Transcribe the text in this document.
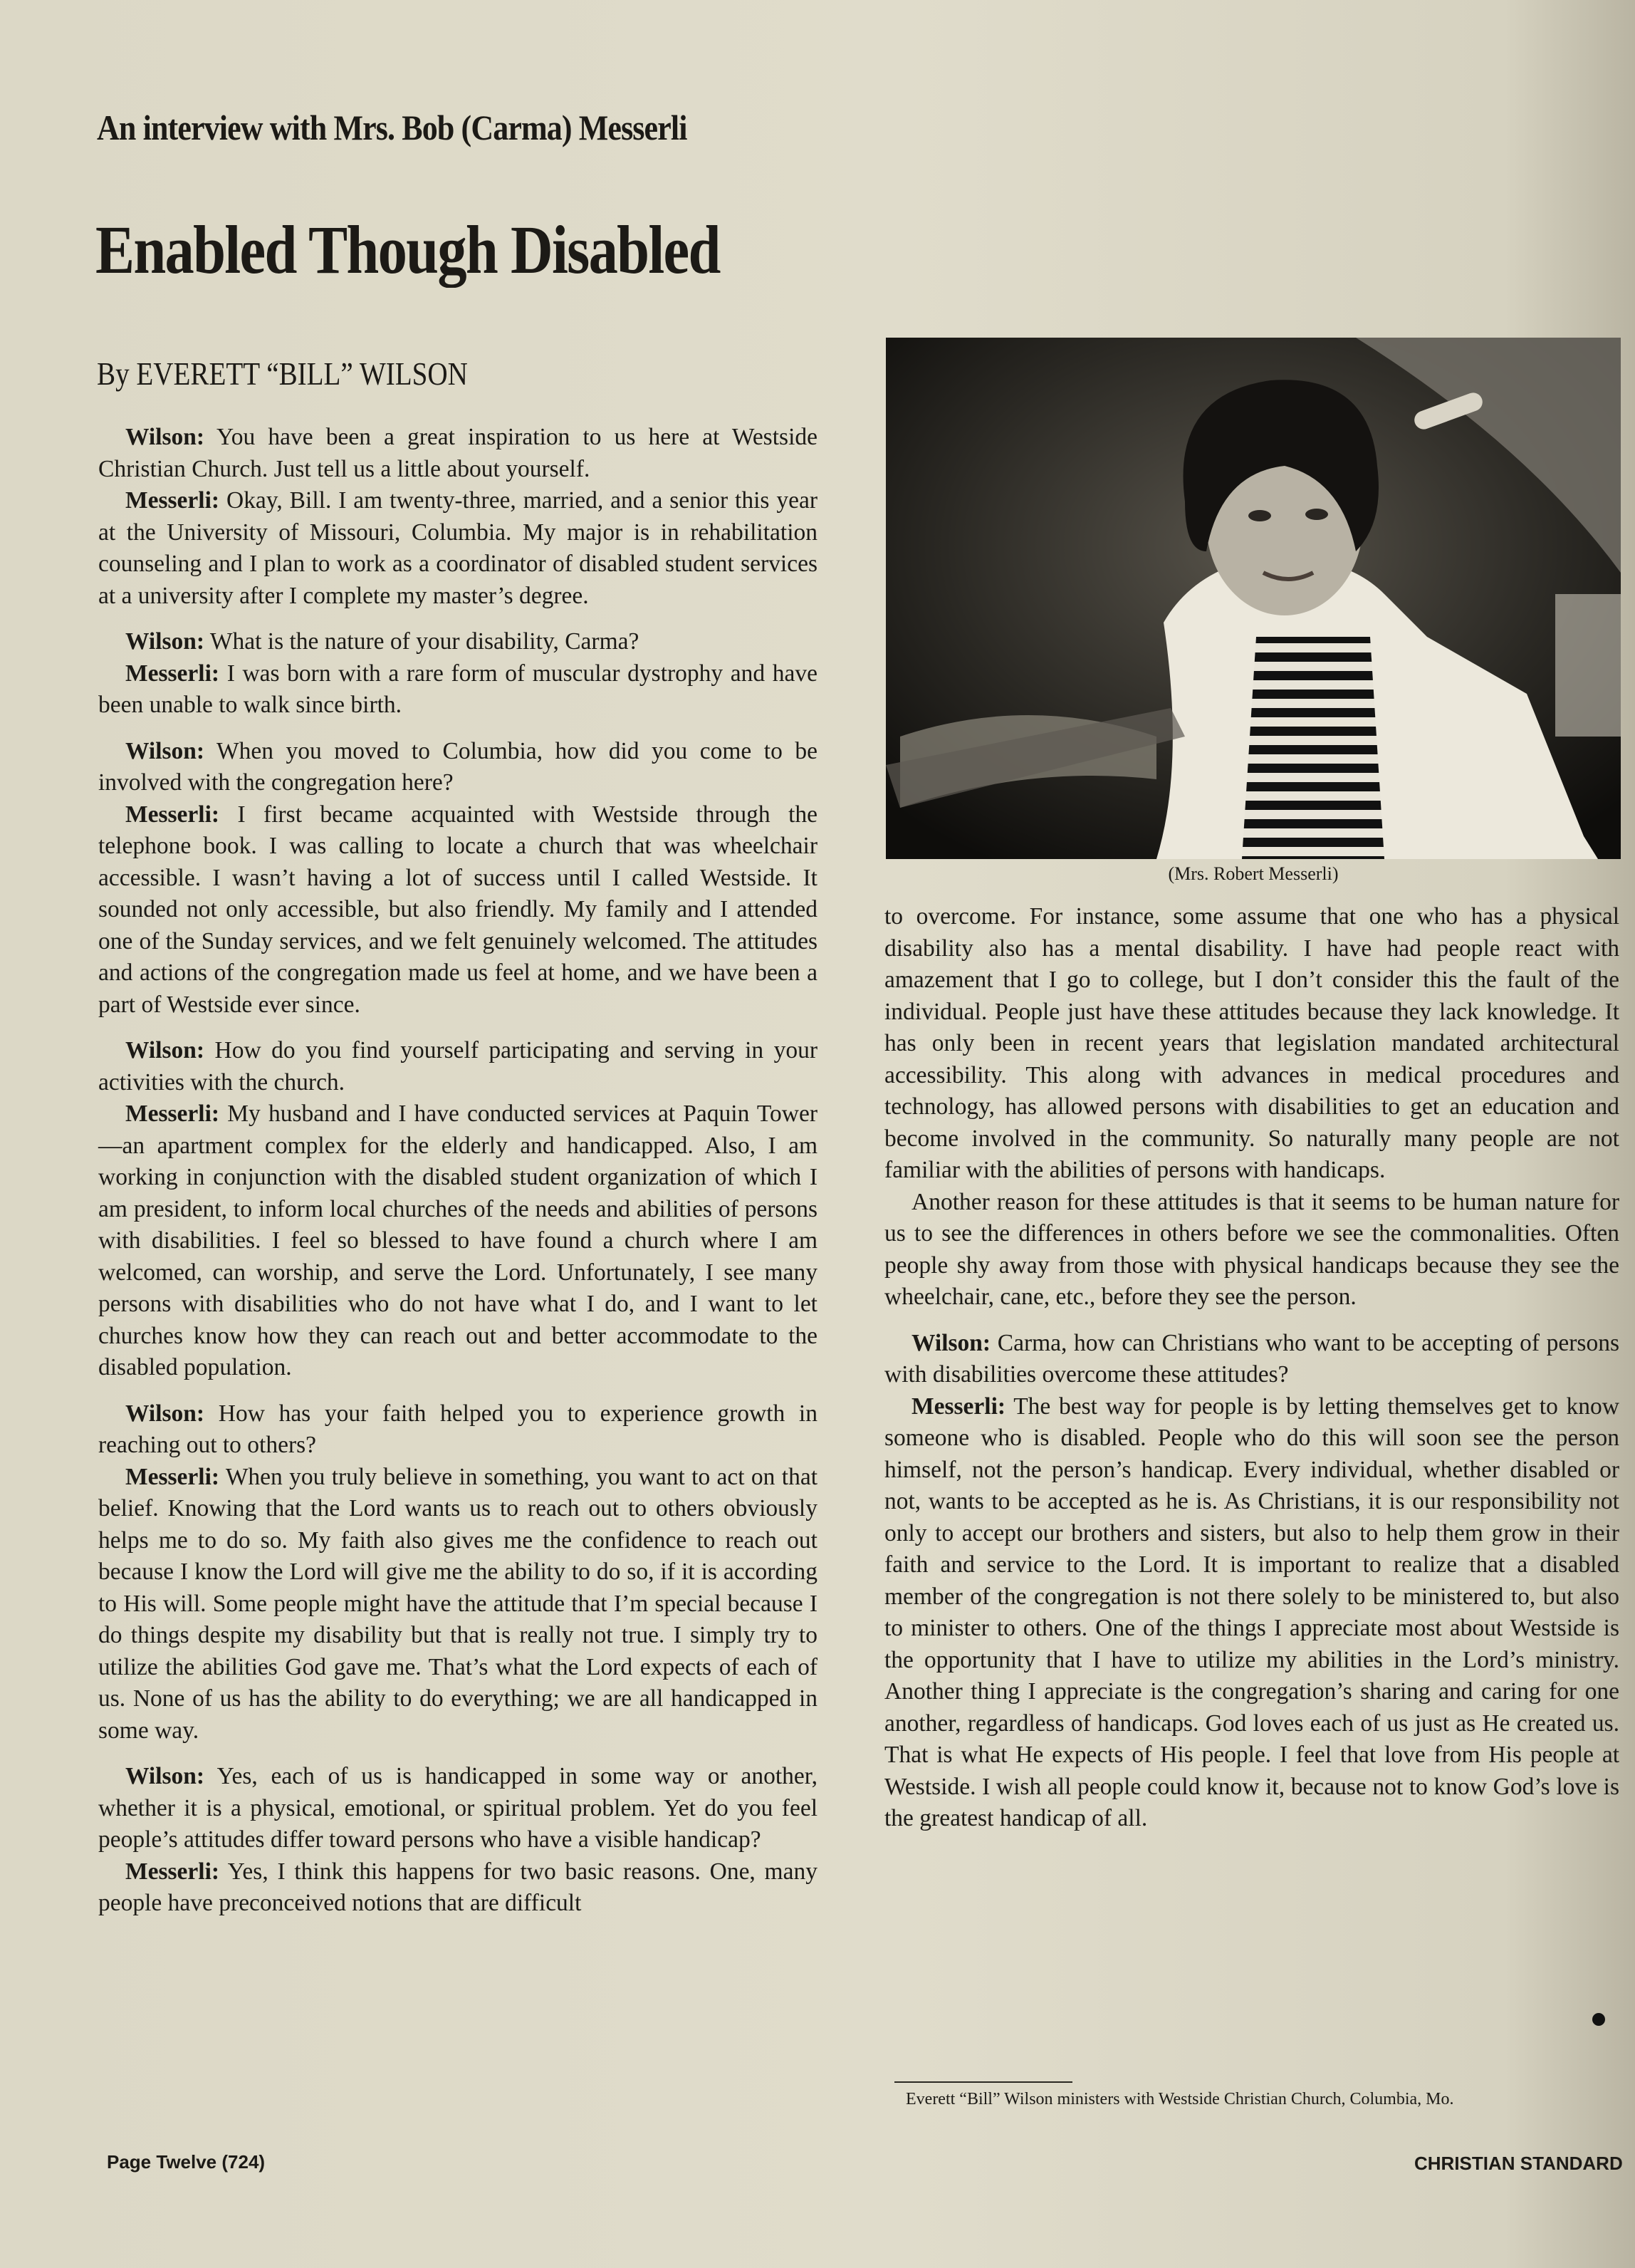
An interview with Mrs. Bob (Carma) Messerli
Enabled Though Disabled
By EVERETT “BILL” WILSON

Wilson: You have been a great inspiration to us here at Westside Christian Church. Just tell us a little about yourself.

Messerli: Okay, Bill. I am twenty-three, married, and a senior this year at the University of Missouri, Columbia. My major is in rehabilitation counseling and I plan to work as a coordinator of disabled student services at a university after I complete my master’s degree.

Wilson: What is the nature of your disability, Carma?

Messerli: I was born with a rare form of muscular dystrophy and have been unable to walk since birth.

Wilson: When you moved to Columbia, how did you come to be involved with the congregation here?

Messerli: I first became acquainted with Westside through the telephone book. I was calling to locate a church that was wheelchair accessible. I wasn’t having a lot of success until I called Westside. It sounded not only accessible, but also friendly. My family and I attended one of the Sunday services, and we felt genuinely welcomed. The attitudes and actions of the congregation made us feel at home, and we have been a part of Westside ever since.

Wilson: How do you find yourself participating and serving in your activities with the church.

Messerli: My husband and I have conducted services at Paquin Tower—an apartment complex for the elderly and handicapped. Also, I am working in conjunction with the disabled student organization of which I am president, to inform local churches of the needs and abilities of persons with disabilities. I feel so blessed to have found a church where I am welcomed, can worship, and serve the Lord. Unfortunately, I see many persons with disabilities who do not have what I do, and I want to let churches know how they can reach out and better accommodate to the disabled population.

Wilson: How has your faith helped you to experience growth in reaching out to others?

Messerli: When you truly believe in something, you want to act on that belief. Knowing that the Lord wants us to reach out to others obviously helps me to do so. My faith also gives me the confidence to reach out because I know the Lord will give me the ability to do so, if it is according to His will. Some people might have the attitude that I’m special because I do things despite my disability but that is really not true. I simply try to utilize the abilities God gave me. That’s what the Lord expects of each of us. None of us has the ability to do everything; we are all handicapped in some way.

Wilson: Yes, each of us is handicapped in some way or another, whether it is a physical, emotional, or spiritual problem. Yet do you feel people’s attitudes differ toward persons who have a visible handicap?

Messerli: Yes, I think this happens for two basic reasons. One, many people have preconceived notions that are difficult

(Mrs. Robert Messerli)

to overcome. For instance, some assume that one who has a physical disability also has a mental disability. I have had people react with amazement that I go to college, but I don’t consider this the fault of the individual. People just have these attitudes because they lack knowledge. It has only been in recent years that legislation mandated architectural accessibility. This along with advances in medical procedures and technology, has allowed persons with disabilities to get an education and become involved in the community. So naturally many people are not familiar with the abilities of persons with handicaps.

Another reason for these attitudes is that it seems to be human nature for us to see the differences in others before we see the commonalities. Often people shy away from those with physical handicaps because they see the wheelchair, cane, etc., before they see the person.

Wilson: Carma, how can Christians who want to be accepting of persons with disabilities overcome these attitudes?

Messerli: The best way for people is by letting themselves get to know someone who is disabled. People who do this will soon see the person himself, not the person’s handicap. Every individual, whether disabled or not, wants to be accepted as he is. As Christians, it is our responsibility not only to accept our brothers and sisters, but also to help them grow in their faith and service to the Lord. It is important to realize that a disabled member of the congregation is not there solely to be ministered to, but also to minister to others. One of the things I appreciate most about Westside is the opportunity that I have to utilize my abilities in the Lord’s ministry. Another thing I appreciate is the congregation’s sharing and caring for one another, regardless of handicaps. God loves each of us just as He created us. That is what He expects of His people. I feel that love from His people at Westside. I wish all people could know it, because not to know God’s love is the greatest handicap of all.

Everett “Bill” Wilson ministers with Westside Christian Church, Columbia, Mo.
Page Twelve (724)	CHRISTIAN STANDARD
